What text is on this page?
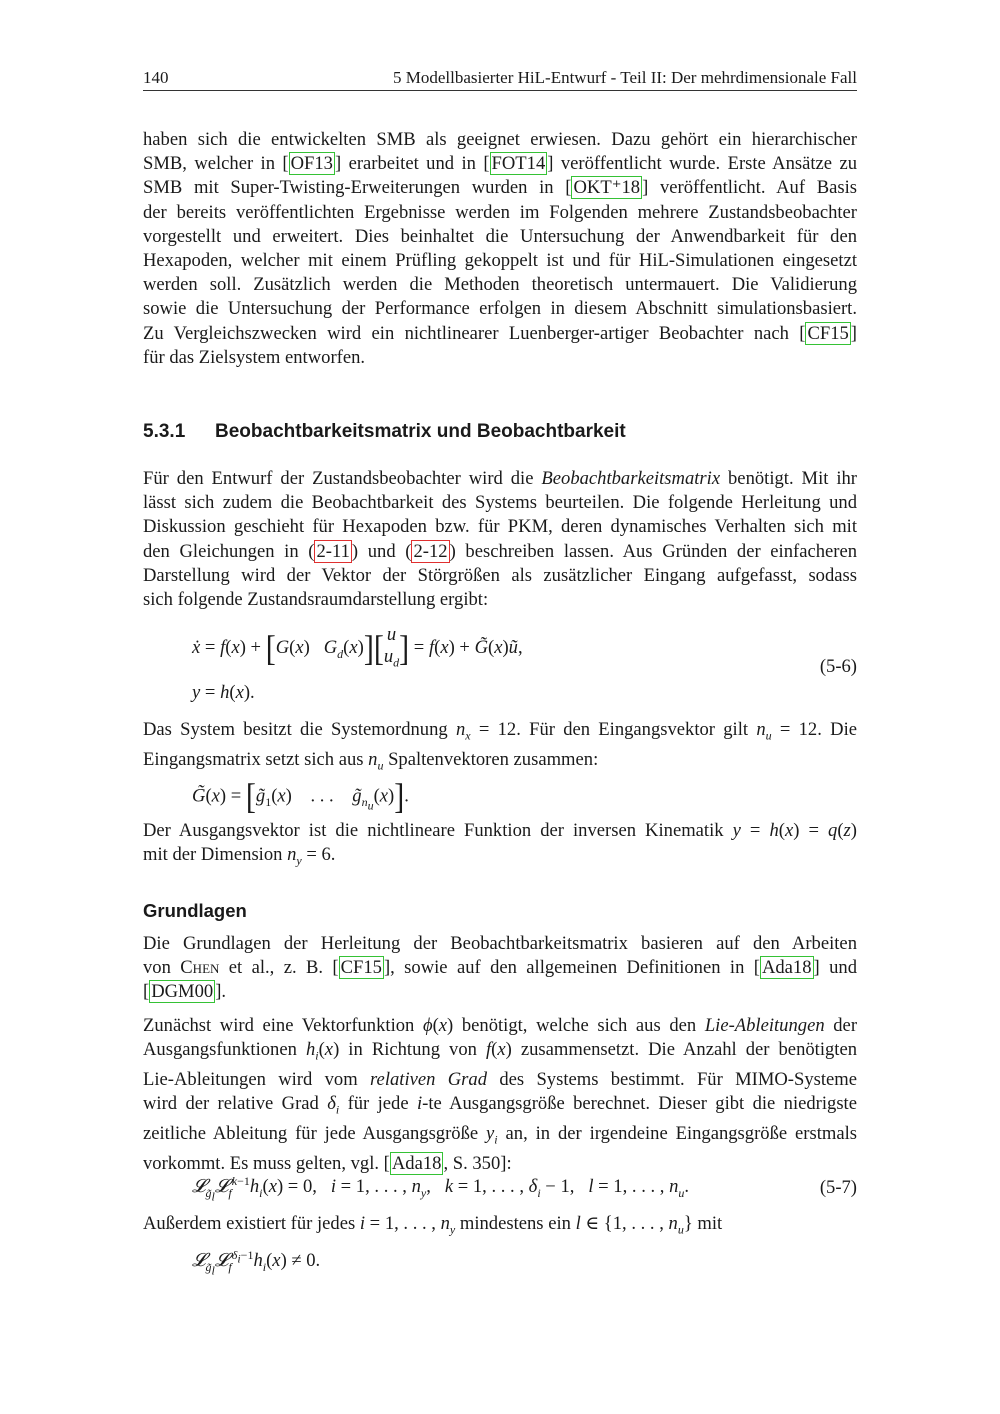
140	5 Modellbasierter HiL-Entwurf - Teil II: Der mehrdimensionale Fall
haben sich die entwickelten SMB als geeignet erwiesen. Dazu gehört ein hierarchischer
SMB, welcher in [ OF13 ] erarbeitet und in [ FOT14 ] veröffentlicht wurde. Erste Ansätze zu
SMB mit Super-Twisting-Erweiterungen wurden in [ OKT⁺18 ] veröffentlicht. Auf Basis
der bereits veröffentlichten Ergebnisse werden im Folgenden mehrere Zustandsbeobachter
vorgestellt und erweitert. Dies beinhaltet die Untersuchung der Anwendbarkeit für den
Hexapoden, welcher mit einem Prüfling gekoppelt ist und für HiL-Simulationen eingesetzt
werden soll. Zusätzlich werden die Methoden theoretisch untermauert. Die Validierung
sowie die Untersuchung der Performance erfolgen in diesem Abschnitt simulationsbasiert.
Zu Vergleichszwecken wird ein nichtlinearer Luenberger-artiger Beobachter nach [ CF15 ]
für das Zielsystem entworfen.
5.3.1 Beobachtbarkeitsmatrix und Beobachtbarkeit
Für den Entwurf der Zustandsbeobachter wird die Beobachtbarkeitsmatrix benötigt. Mit ihr
lässt sich zudem die Beobachtbarkeit des Systems beurteilen. Die folgende Herleitung und
Diskussion geschieht für Hexapoden bzw. für PKM, deren dynamisches Verhalten sich mit
den Gleichungen in ( 2-11 ) und ( 2-12 ) beschreiben lassen. Aus Gründen der einfacheren
Darstellung wird der Vektor der Störgrößen als zusätzlicher Eingang aufgefasst, sodass
sich folgende Zustandsraumdarstellung ergibt:
ẋ = f(x) + [G(x)   $G_d(x)$][ u
$u_d] = f(x)$ + G̃(x)ũ,
y = h(x).
(5-6)
Das System besitzt die Systemordnung $n_x = 12$. Für den Eingangsvektor gilt $n_u = 12$. Die
Eingangsmatrix setzt sich aus $n_u$ Spaltenvektoren zusammen:
G̃(x) = [$g̃_1(x)$    . . .    $g̃_{n_u}(x)$].
Der Ausgangsvektor ist die nichtlineare Funktion der inversen Kinematik y = h(x) = q(z)
mit der Dimension $n_y = 6$.
Grundlagen
Die Grundlagen der Herleitung der Beobachtbarkeitsmatrix basieren auf den Arbeiten
von Chen et al., z. B. [ CF15 ], sowie auf den allgemeinen Definitionen in [ Ada18 ] und
[ DGM00 ].
Zunächst wird eine Vektorfunktion ϕ(x) benötigt, welche sich aus den Lie-Ableitungen der
Ausgangsfunktionen $h_i(x)$ in Richtung von f(x) zusammensetzt. Die Anzahl der benötigten
Lie-Ableitungen wird vom relativen Grad des Systems bestimmt. Für MIMO-Systeme
wird der relative Grad $\delta_i$ für jede i-te Ausgangsgröße berechnet. Dieser gibt die niedrigste
zeitliche Ableitung für jede Ausgangsgröße $y_i$ an, in der irgendeine Eingangsgröße erstmals
vorkommt. Es muss gelten, vgl. [ Ada18 , S. 350]:
$𝓛_{g̃_l}𝓛_f^{k-1}h_i(x) = 0$,   i = 1, . . . , $n_y$,   k = 1, . . . , $\delta_i - 1$,   l = 1, . . . , $n_u$.	(5-7)
Außerdem existiert für jedes i = 1, . . . , $n_y$ mindestens ein l ∈ {1, . . . , $n_u$} mit
$𝓛_{g̃_l}𝓛_f^{\delta_i-1}h_i(x) \ne 0$.
